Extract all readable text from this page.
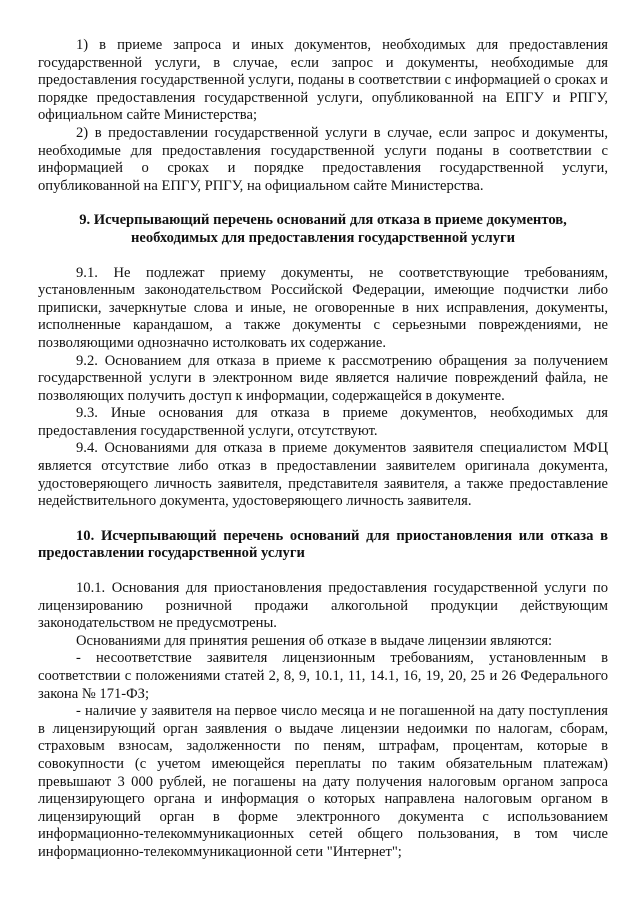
1) в приеме запроса и иных документов, необходимых для предоставления государственной услуги, в случае, если запрос и документы, необходимые для предоставления государственной услуги, поданы в соответствии с информацией о сроках и порядке предоставления государственной услуги, опубликованной на ЕПГУ и РПГУ, официальном сайте Министерства;

2) в предоставлении государственной услуги в случае, если запрос и документы, необходимые для предоставления государственной услуги поданы в соответствии с информацией о сроках и порядке предоставления государственной услуги, опубликованной на ЕПГУ, РПГУ, на официальном сайте Министерства.

9. Исчерпывающий перечень оснований для отказа в приеме документов, необходимых для предоставления государственной услуги

9.1. Не подлежат приему документы, не соответствующие требованиям, установленным законодательством Российской Федерации, имеющие подчистки либо приписки, зачеркнутые слова и иные, не оговоренные в них исправления, документы, исполненные карандашом, а также документы с серьезными повреждениями, не позволяющими однозначно истолковать их содержание.

9.2. Основанием для отказа в приеме к рассмотрению обращения за получением государственной услуги в электронном виде является наличие повреждений файла, не позволяющих получить доступ к информации, содержащейся в документе.

9.3. Иные основания для отказа в приеме документов, необходимых для предоставления государственной услуги, отсутствуют.

9.4. Основаниями для отказа в приеме документов заявителя специалистом МФЦ является отсутствие либо отказ в предоставлении заявителем оригинала документа, удостоверяющего личность заявителя, представителя заявителя, а также предоставление недействительного документа, удостоверяющего личность заявителя.

10. Исчерпывающий перечень оснований для приостановления или отказа в предоставлении государственной услуги

10.1. Основания для приостановления предоставления государственной услуги по лицензированию розничной продажи алкогольной продукции действующим законодательством не предусмотрены.

Основаниями для принятия решения об отказе в выдаче лицензии являются:

- несоответствие заявителя лицензионным требованиям, установленным в соответствии с положениями статей 2, 8, 9, 10.1, 11, 14.1, 16, 19, 20, 25 и 26 Федерального закона № 171-ФЗ;

- наличие у заявителя на первое число месяца и не погашенной на дату поступления в лицензирующий орган заявления о выдаче лицензии недоимки по налогам, сборам, страховым взносам, задолженности по пеням, штрафам, процентам, которые в совокупности (с учетом имеющейся переплаты по таким обязательным платежам) превышают 3 000 рублей, не погашены на дату получения налоговым органом запроса лицензирующего органа и информация о которых направлена налоговым органом в лицензирующий орган в форме электронного документа с использованием информационно-телекоммуникационных сетей общего пользования, в том числе информационно-телекоммуникационной сети "Интернет";
